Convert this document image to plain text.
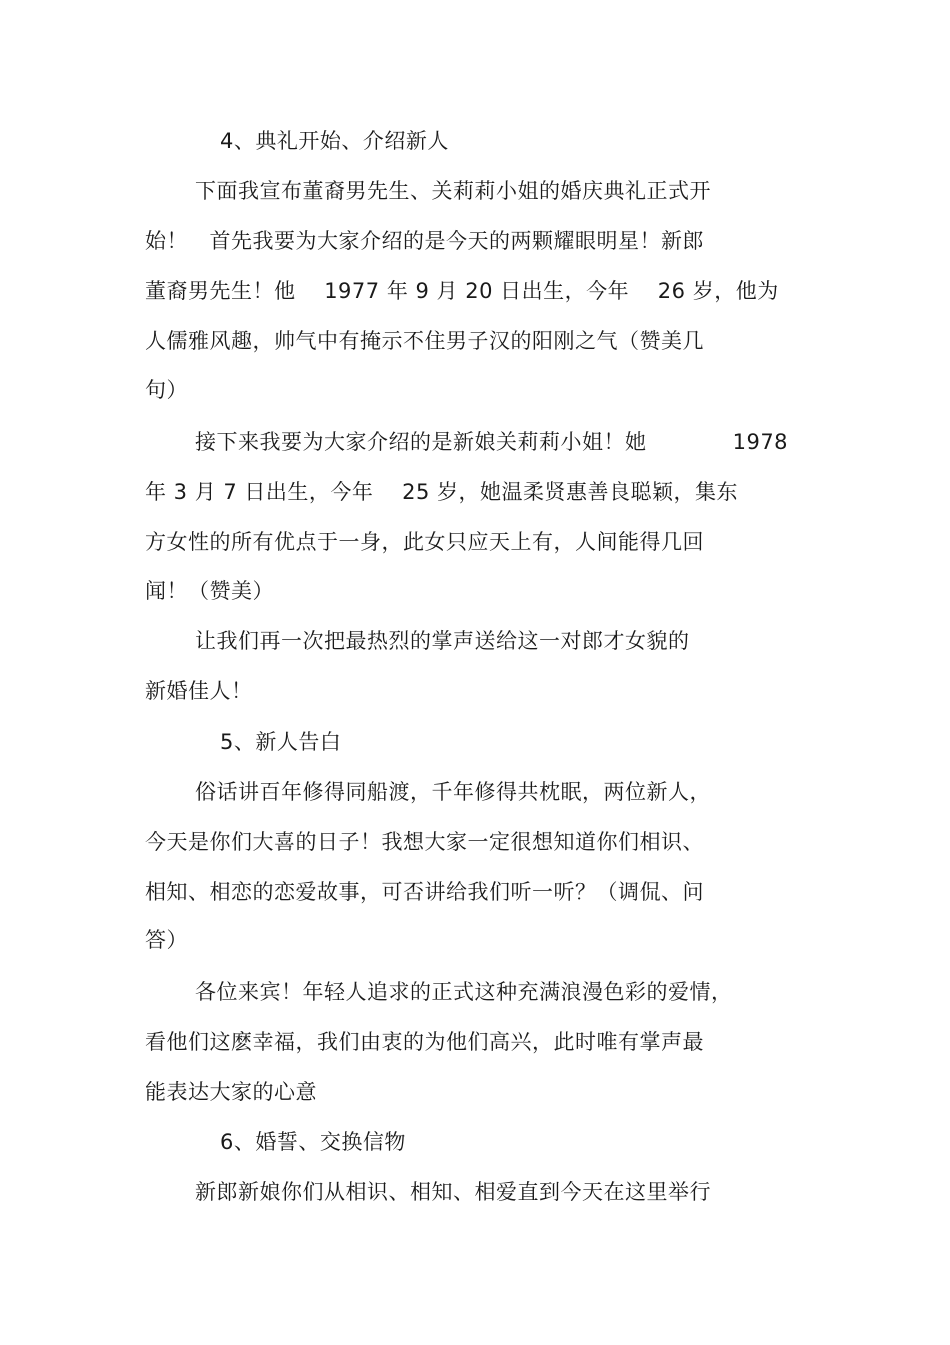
4、典礼开始、介绍新人
下面我宣布董裔男先生、关莉莉小姐的婚庆典礼正式开
始！   首先我要为大家介绍的是今天的两颗耀眼明星！新郎
董裔男先生！他    1977 年 9 月 20 日出生，今年    26 岁，他为
人儒雅风趣，帅气中有掩示不住男子汉的阳刚之气（赞美几
句）
接下来我要为大家介绍的是新娘关莉莉小姐！她            1978
年 3 月 7 日出生，今年    25 岁，她温柔贤惠善良聪颖，集东
方女性的所有优点于一身，此女只应天上有，人间能得几回
闻！（赞美）
让我们再一次把最热烈的掌声送给这一对郎才女貌的
新婚佳人！
5、新人告白
俗话讲百年修得同船渡，千年修得共枕眠，两位新人，
今天是你们大喜的日子！我想大家一定很想知道你们相识、
相知、相恋的恋爱故事，可否讲给我们听一听？（调侃、问
答）
各位来宾！年轻人追求的正式这种充满浪漫色彩的爱情，
看他们这麽幸福，我们由衷的为他们高兴，此时唯有掌声最
能表达大家的心意
6、婚誓、交换信物
新郎新娘你们从相识、相知、相爱直到今天在这里举行
